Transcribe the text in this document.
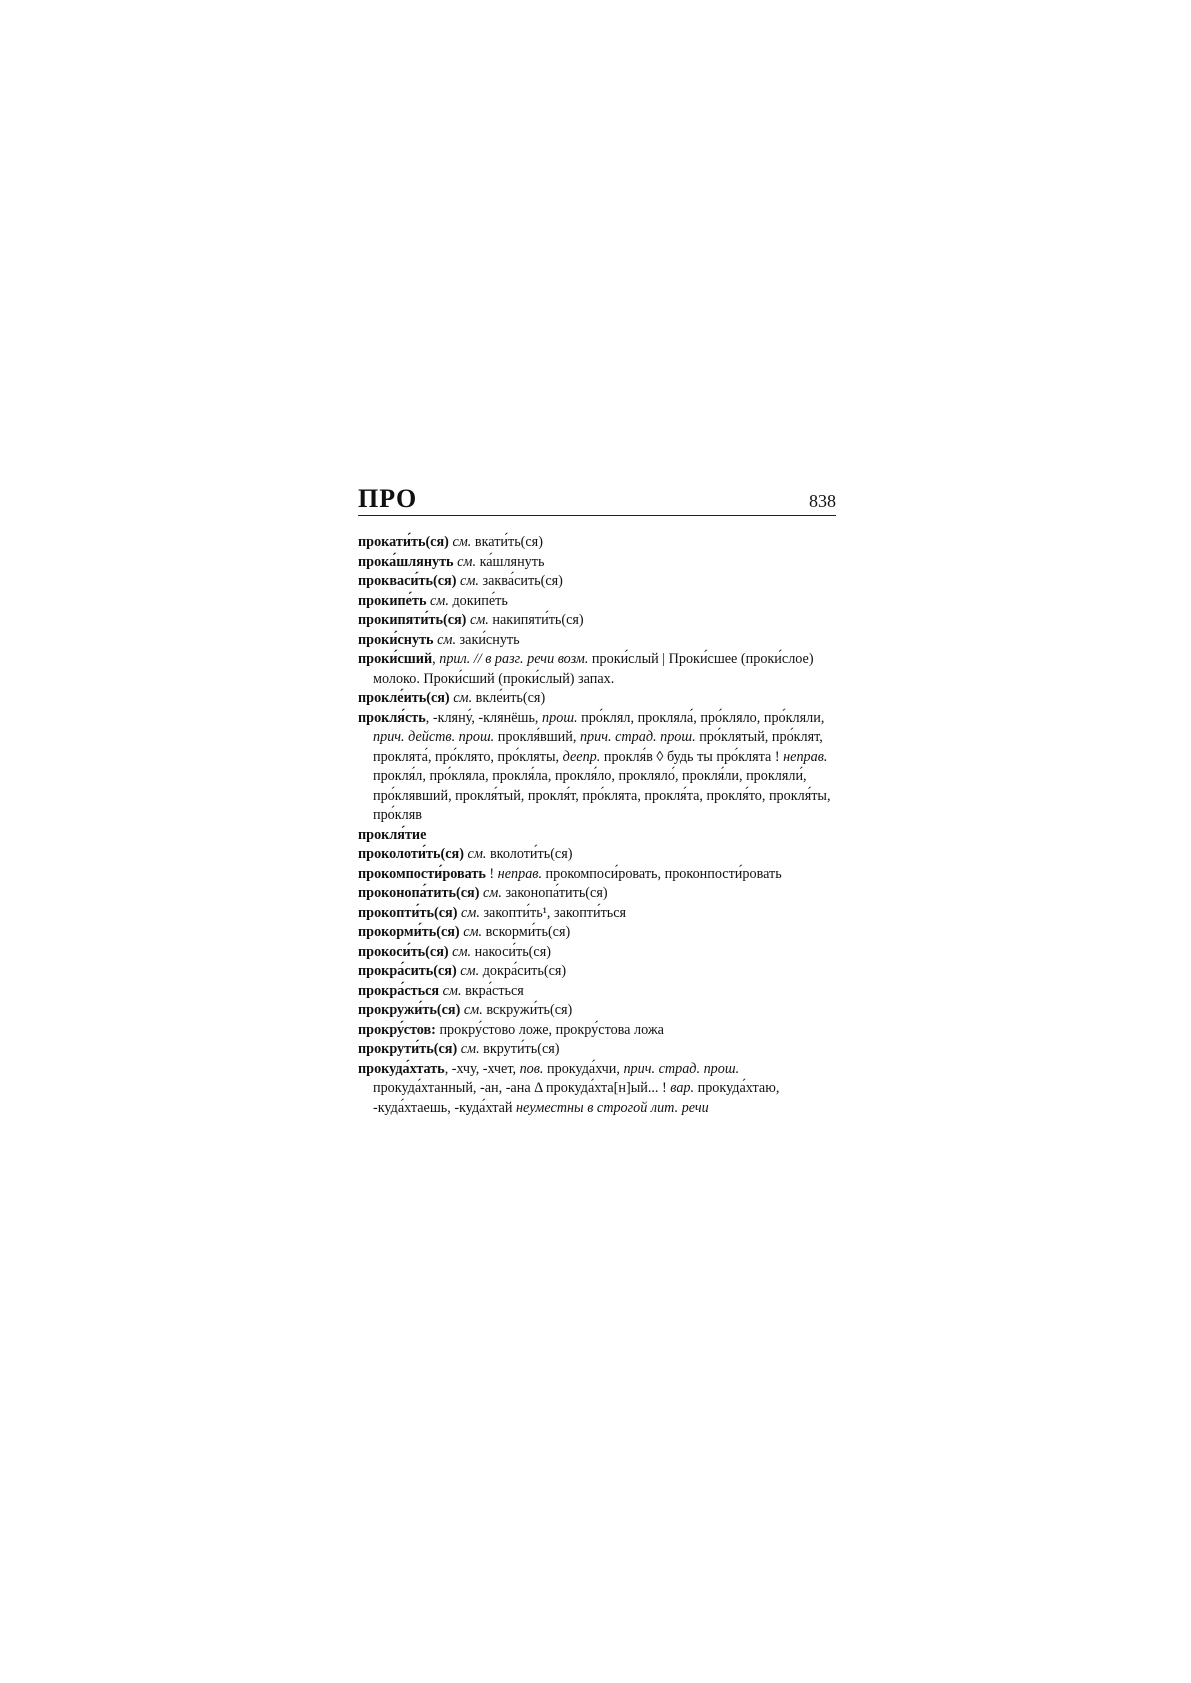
ПРО	838
прокати́ть(ся) см. вкати́ть(ся)
прока́шлянуть см. ка́шлянуть
прокваси́ть(ся) см. заква́сить(ся)
прокипе́ть см. докипе́ть
прокипяти́ть(ся) см. накипяти́ть(ся)
проки́снуть см. заки́снуть
проки́сший, прил. // в разг. речи возм. проки́слый | Проки́сшее (проки́слое) молоко. Проки́сший (проки́слый) запах.
прокле́ить(ся) см. вкле́ить(ся)
прокля́сть, -кляну́, -клянёшь, прош. про́клял, прокляла́, про́кляло, про́кляли, прич. действ. прош. прокля́вший, прич. страд. прош. про́клятый, про́клят, проклята́, про́клято, про́кляты, деепр. прокля́в ◊ будь ты про́клята ! неправ. прокля́л, про́кляла, прокля́ла, прокля́ло, прокляло́, прокля́ли, прокляли́, про́клявший, прокля́тый, прокля́т, про́клята, прокля́та, прокля́то, прокля́ты, про́кляв
прокля́тие
проколоти́ть(ся) см. вколоти́ть(ся)
прокомпости́ровать ! неправ. прокомпоси́ровать, проконпости́ровать
проконопа́тить(ся) см. законопа́тить(ся)
прокопти́ть(ся) см. закопти́ть¹, закопти́ться
прокорми́ть(ся) см. вскорми́ть(ся)
прокоси́ть(ся) см. накоси́ть(ся)
прокра́сить(ся) см. докра́сить(ся)
прокра́сться см. вкра́сться
прокружи́ть(ся) см. вскружи́ть(ся)
прокру́стов: прокру́стово ложе, прокру́стова ложа
прокрути́ть(ся) см. вкрути́ть(ся)
прокуда́хтать, -хчу, -хчет, пов. прокуда́хчи, прич. страд. прош. прокуда́хтанный, -ан, -ана Δ прокуда́хта[н]ый... ! вар. прокуда́хтаю, -куда́хтаешь, -куда́хтай неуместны в строгой лит. речи
